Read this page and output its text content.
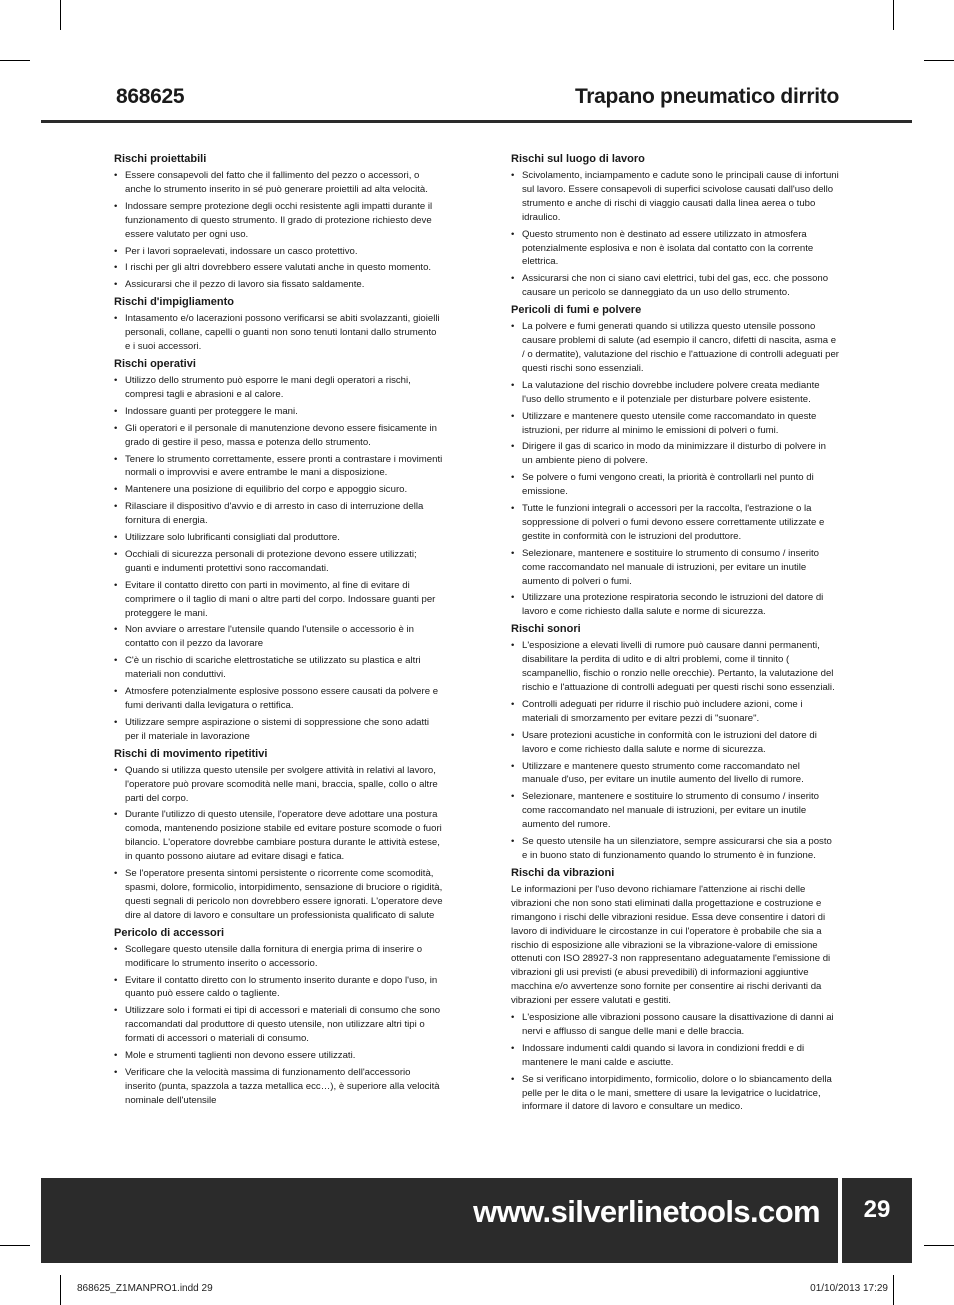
868625	Trapano pneumatico dirrito
Rischi proiettabili
• Essere consapevoli del fatto che il fallimento del pezzo o accessori, o anche lo strumento inserito in sé può generare proiettili ad alta velocità.
• Indossare sempre protezione degli occhi resistente agli impatti durante il funzionamento di questo strumento. Il grado di protezione richiesto deve essere valutato per ogni uso.
• Per i lavori sopraelevati, indossare un casco protettivo.
• I rischi per gli altri dovrebbero essere valutati anche in questo momento.
• Assicurarsi che il pezzo di lavoro sia fissato saldamente.
Rischi d'impigliamento
• Intasamento e/o lacerazioni possono verificarsi se abiti svolazzanti, gioielli personali, collane, capelli o guanti non sono tenuti lontani dallo strumento e i suoi accessori.
Rischi operativi
• Utilizzo dello strumento può esporre le mani degli operatori a rischi, compresi tagli e abrasioni e al calore.
• Indossare guanti per proteggere le mani.
• Gli operatori e il personale di manutenzione devono essere fisicamente in grado di gestire il peso, massa e potenza dello strumento.
• Tenere lo strumento correttamente, essere pronti a contrastare i movimenti normali o improvvisi e avere entrambe le mani a disposizione.
• Mantenere una posizione di equilibrio del corpo e appoggio sicuro.
• Rilasciare il dispositivo d'avvio e di arresto in caso di interruzione della fornitura di energia.
• Utilizzare solo lubrificanti consigliati dal produttore.
• Occhiali di sicurezza personali di protezione devono essere utilizzati; guanti e indumenti protettivi sono raccomandati.
• Evitare il contatto diretto con parti in movimento, al fine di evitare di comprimere o il taglio di mani o altre parti del corpo. Indossare guanti per proteggere le mani.
• Non avviare o arrestare l'utensile quando l'utensile o accessorio è in contatto con il pezzo da lavorare
• C'è un rischio di scariche elettrostatiche se utilizzato su plastica e altri materiali non conduttivi.
• Atmosfere potenzialmente esplosive possono essere causati da polvere e fumi derivanti dalla levigatura o rettifica.
• Utilizzare sempre aspirazione o sistemi di soppressione che sono adatti per il materiale in lavorazione
Rischi di movimento ripetitivi
• Quando si utilizza questo utensile per svolgere attività in relativi al lavoro, l'operatore può provare scomodità nelle mani, braccia, spalle, collo o altre parti del corpo.
• Durante l'utilizzo di questo utensile, l'operatore deve adottare una postura comoda, mantenendo posizione stabile ed evitare posture scomode o fuori bilancio. L'operatore dovrebbe cambiare postura durante le attività estese, in quanto possono aiutare ad evitare disagi e fatica.
• Se l'operatore presenta sintomi persistente o ricorrente come scomodità, spasmi, dolore, formicolio, intorpidimento, sensazione di bruciore o rigidità, questi segnali di pericolo non dovrebbero essere ignorati. L'operatore deve dire al datore di lavoro e consultare un professionista qualificato di salute
Pericolo di accessori
• Scollegare questo utensile dalla fornitura di energia prima di inserire o modificare lo strumento inserito o accessorio.
• Evitare il contatto diretto con lo strumento inserito durante e dopo l'uso, in quanto può essere caldo o tagliente.
• Utilizzare solo i formati ei tipi di accessori e materiali di consumo che sono raccomandati dal produttore di questo utensile, non utilizzare altri tipi o formati di accessori o materiali di consumo.
• Mole e strumenti taglienti non devono essere utilizzati.
• Verificare che la velocità massima di funzionamento dell'accessorio inserito (punta, spazzola a tazza metallica ecc…), è superiore alla velocità nominale dell'utensile
Rischi sul luogo di lavoro
• Scivolamento, inciampamento e cadute sono le principali cause di infortuni sul lavoro. Essere consapevoli di superfici scivolose causati dall'uso dello strumento e anche di rischi di viaggio causati dalla linea aerea o tubo idraulico.
• Questo strumento non è destinato ad essere utilizzato in atmosfera potenzialmente esplosiva e non è isolata dal contatto con la corrente elettrica.
• Assicurarsi che non ci siano cavi elettrici, tubi del gas, ecc. che possono causare un pericolo se danneggiato da un uso dello strumento.
Pericoli di fumi e polvere
• La polvere e fumi generati quando si utilizza questo utensile possono causare problemi di salute (ad esempio il cancro, difetti di nascita, asma e / o dermatite), valutazione del rischio e l'attuazione di controlli adeguati per questi rischi sono essenziali.
• La valutazione del rischio dovrebbe includere polvere creata mediante l'uso dello strumento e il potenziale per disturbare polvere esistente.
• Utilizzare e mantenere questo utensile come raccomandato in queste istruzioni, per ridurre al minimo le emissioni di polveri o fumi.
• Dirigere il gas di scarico in modo da minimizzare il disturbo di polvere in un ambiente pieno di polvere.
• Se polvere o fumi vengono creati, la priorità è controllarli nel punto di emissione.
• Tutte le funzioni integrali o accessori per la raccolta, l'estrazione o la soppressione di polveri o fumi devono essere correttamente utilizzate e gestite in conformità con le istruzioni del produttore.
• Selezionare, mantenere e sostituire lo strumento di consumo / inserito come raccomandato nel manuale di istruzioni, per evitare un inutile aumento di polveri o fumi.
• Utilizzare una protezione respiratoria secondo le istruzioni del datore di lavoro e come richiesto dalla salute e norme di sicurezza.
Rischi sonori
• L'esposizione a elevati livelli di rumore può causare danni permanenti, disabilitare la perdita di udito e di altri problemi, come il tinnito ( scampanellio, fischio o ronzio nelle orecchie). Pertanto, la valutazione del rischio e l'attuazione di controlli adeguati per questi rischi sono essenziali.
• Controlli adeguati per ridurre il rischio può includere azioni, come i materiali di smorzamento per evitare pezzi di "suonare".
• Usare protezioni acustiche in conformità con le istruzioni del datore di lavoro e come richiesto dalla salute e norme di sicurezza.
• Utilizzare e mantenere questo strumento come raccomandato nel manuale d'uso, per evitare un inutile aumento del livello di rumore.
• Selezionare, mantenere e sostituire lo strumento di consumo / inserito come raccomandato nel manuale di istruzioni, per evitare un inutile aumento del rumore.
• Se questo utensile ha un silenziatore, sempre assicurarsi che sia a posto e in buono stato di funzionamento quando lo strumento è in funzione.
Rischi da vibrazioni
Le informazioni per l'uso devono richiamare l'attenzione ai rischi delle vibrazioni che non sono stati eliminati dalla progettazione e costruzione e rimangono i rischi delle vibrazioni residue. Essa deve consentire i datori di lavoro di individuare le circostanze in cui l'operatore è probabile che sia a rischio di esposizione alle vibrazioni se la vibrazione-valore di emissione ottenuti con ISO 28927-3 non rappresentano adeguatamente l'emissione di vibrazioni gli usi previsti (e abusi prevedibili) di informazioni aggiuntive macchina e/o avvertenze sono fornite per consentire ai rischi derivanti da vibrazioni per essere valutati e gestiti.
• L'esposizione alle vibrazioni possono causare la disattivazione di danni ai nervi e afflusso di sangue delle mani e delle braccia.
• Indossare indumenti caldi quando si lavora in condizioni freddi e di mantenere le mani calde e asciutte.
• Se si verificano intorpidimento, formicolio, dolore o lo sbiancamento della pelle per le dita o le mani, smettere di usare la levigatrice o lucidatrice, informare il datore di lavoro e consultare un medico.
www.silverlinetools.com	29
868625_Z1MANPRO1.indd 29	01/10/2013 17:29
